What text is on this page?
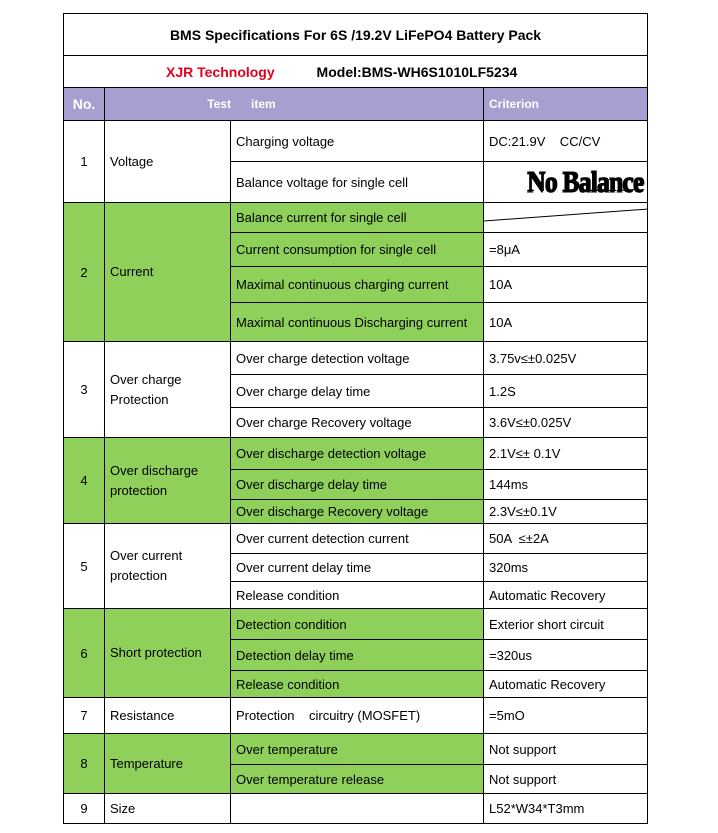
BMS Specifications For 6S /19.2V LiFePO4 Battery Pack			
XJR Technology Model:BMS-WH6S1010LF5234			
No.	Test      item		Criterion
1	Voltage	Charging voltage	DC:21.9V    CC/CV
		Balance voltage for single cell	No Balance

2	Current	Balance current for single cell	

		Current consumption for single cell	=8μA
		Maximal continuous charging current	10A
		Maximal continuous Discharging current	10A
3	Over charge Protection	Over charge detection voltage	3.75v≤±0.025V
		Over charge delay time	1.2S
		Over charge Recovery voltage	3.6V≤±0.025V
4	Over discharge protection	Over discharge detection voltage	2.1V≤± 0.1V
		Over discharge delay time	144ms
		Over discharge Recovery voltage	2.3V≤±0.1V
5	Over current protection	Over current detection current	50A  ≤±2A
		Over current delay time	320ms
		Release condition	Automatic Recovery
6	Short protection	Detection condition	Exterior short circuit
		Detection delay time	=320us
		Release condition	Automatic Recovery
7	Resistance	Protection    circuitry (MOSFET)	=5mO
8	Temperature	Over temperature	Not support
		Over temperature release	Not support
9	Size		L52*W34*T3mm
